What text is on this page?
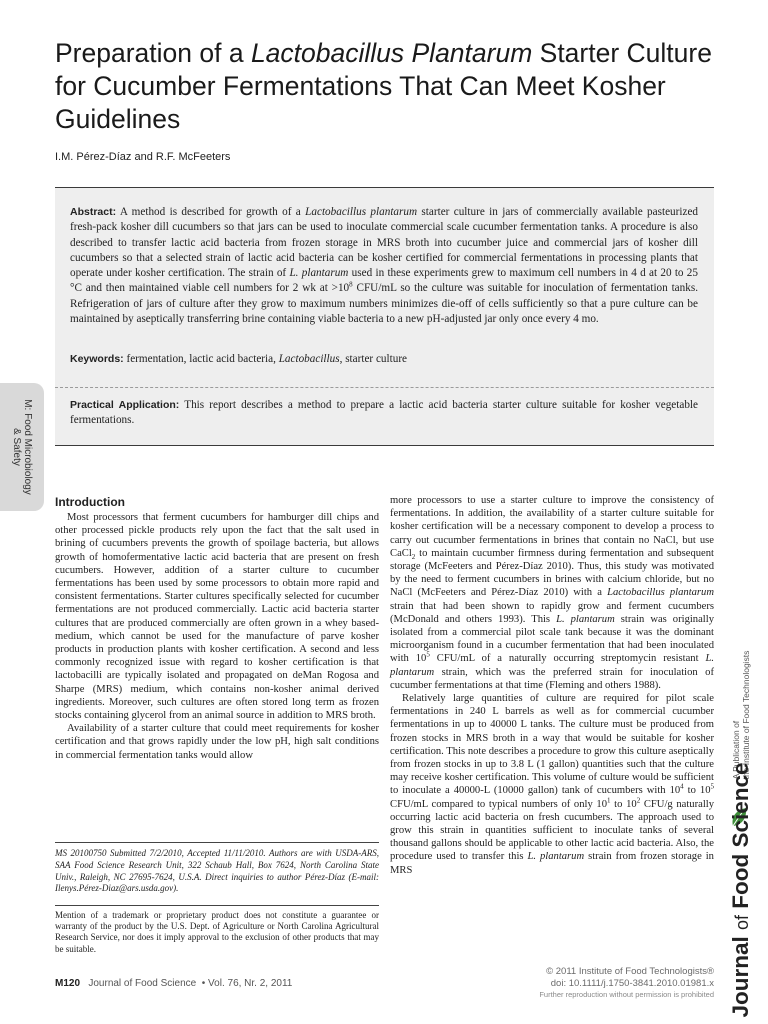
Preparation of a Lactobacillus Plantarum Starter Culture for Cucumber Fermentations That Can Meet Kosher Guidelines
I.M. Pérez-Díaz and R.F. McFeeters

Abstract: A method is described for growth of a Lactobacillus plantarum starter culture in jars of commercially available pasteurized fresh-pack kosher dill cucumbers so that jars can be used to inoculate commercial scale cucumber fermentation tanks. A procedure is also described to transfer lactic acid bacteria from frozen storage in MRS broth into cucumber juice and commercial jars of kosher dill cucumbers so that a selected strain of lactic acid bacteria can be kosher certified for commercial fermentations in processing plants that operate under kosher certification. The strain of L. plantarum used in these experiments grew to maximum cell numbers in 4 d at 20 to 25 °C and then maintained viable cell numbers for 2 wk at $>10^8$ CFU/mL so the culture was suitable for inoculation of fermentation tanks. Refrigeration of jars of culture after they grow to maximum numbers minimizes die-off of cells sufficiently so that a pure culture can be maintained by aseptically transferring brine containing viable bacteria to a new pH-adjusted jar only once every 4 mo.

Keywords: fermentation, lactic acid bacteria, Lactobacillus, starter culture

Practical Application: This report describes a method to prepare a lactic acid bacteria starter culture suitable for kosher vegetable fermentations.

M: Food Microbiology
& Safety
Introduction

Most processors that ferment cucumbers for hamburger dill chips and other processed pickle products rely upon the fact that the salt used in brining of cucumbers prevents the growth of spoilage bacteria, but allows growth of homofermentative lactic acid bacteria that are present on fresh cucumbers. However, addition of a starter culture to cucumber fermentations has been used by some processors to obtain more rapid and consistent fermentations. Starter cultures specifically selected for cucumber fermentations are not produced commercially. Lactic acid bacteria starter cultures that are produced commercially are often grown in a whey based-medium, which cannot be used for the manufacture of parve kosher products in production plants with kosher certification. A second and less commonly recognized issue with regard to kosher certification is that lactobacilli are typically isolated and propagated on deMan Rogosa and Sharpe (MRS) medium, which contains non-kosher animal derived ingredients. Moreover, such cultures are often stored long term as frozen stocks containing glycerol from an animal source in addition to MRS broth.

Availability of a starter culture that could meet requirements for kosher certification and that grows rapidly under the low pH, high salt conditions in commercial fermentation tanks would allow

MS 20100750 Submitted 7/2/2010, Accepted 11/11/2010. Authors are with USDA-ARS, SAA Food Science Research Unit, 322 Schaub Hall, Box 7624, North Carolina State Univ., Raleigh, NC 27695-7624, U.S.A. Direct inquiries to author Pérez-Díaz (E-mail: Ilenys.Pérez-Diaz@ars.usda.gov).

Mention of a trademark or proprietary product does not constitute a guarantee or warranty of the product by the U.S. Dept. of Agriculture or North Carolina Agricultural Research Service, nor does it imply approval to the exclusion of other products that may be suitable.

more processors to use a starter culture to improve the consistency of fermentations. In addition, the availability of a starter culture suitable for kosher certification will be a necessary component to develop a process to carry out cucumber fermentations in brines that contain no NaCl, but use CaCl$_2$ to maintain cucumber firmness during fermentation and subsequent storage (McFeeters and Pérez-Díaz 2010). Thus, this study was motivated by the need to ferment cucumbers in brines with calcium chloride, but no NaCl (McFeeters and Pérez-Díaz 2010) with a Lactobacillus plantarum strain that had been shown to rapidly grow and ferment cucumbers (McDonald and others 1993). This L. plantarum strain was originally isolated from a commercial pilot scale tank because it was the dominant microorganism found in a cucumber fermentation that had been inoculated with $10^5$ CFU/mL of a naturally occurring streptomycin resistant L. plantarum strain, which was the preferred strain for inoculation of cucumber fermentations at that time (Fleming and others 1988).

Relatively large quantities of culture are required for pilot scale fermentations in 240 L barrels as well as for commercial cucumber fermentations in up to 40000 L tanks. The culture must be produced from frozen stocks in MRS broth in a way that would be suitable for kosher certification. This note describes a procedure to grow this culture aseptically from frozen stocks in up to 3.8 L (1 gallon) quantities such that the culture may receive kosher certification. This volume of culture would be sufficient to inoculate a 40000-L (10000 gallon) tank of cucumbers with $10^4$ to $10^5$ CFU/mL compared to typical numbers of only $10^1$ to $10^2$ CFU/g naturally occurring lactic acid bacteria on fresh cucumbers. The approach used to grow this strain in quantities sufficient to inoculate tanks of several thousand gallons should be applicable to other lactic acid bacteria. Also, the procedure used to transfer this L. plantarum strain from frozen storage in MRS

M120 Journal of Food Science • Vol. 76, Nr. 2, 2011
© 2011 Institute of Food Technologists®
doi: 10.1111/j.1750-3841.2010.01981.x
Further reproduction without permission is prohibited
A Publication of
the Institute of Food Technologists
Journal of Food Science
